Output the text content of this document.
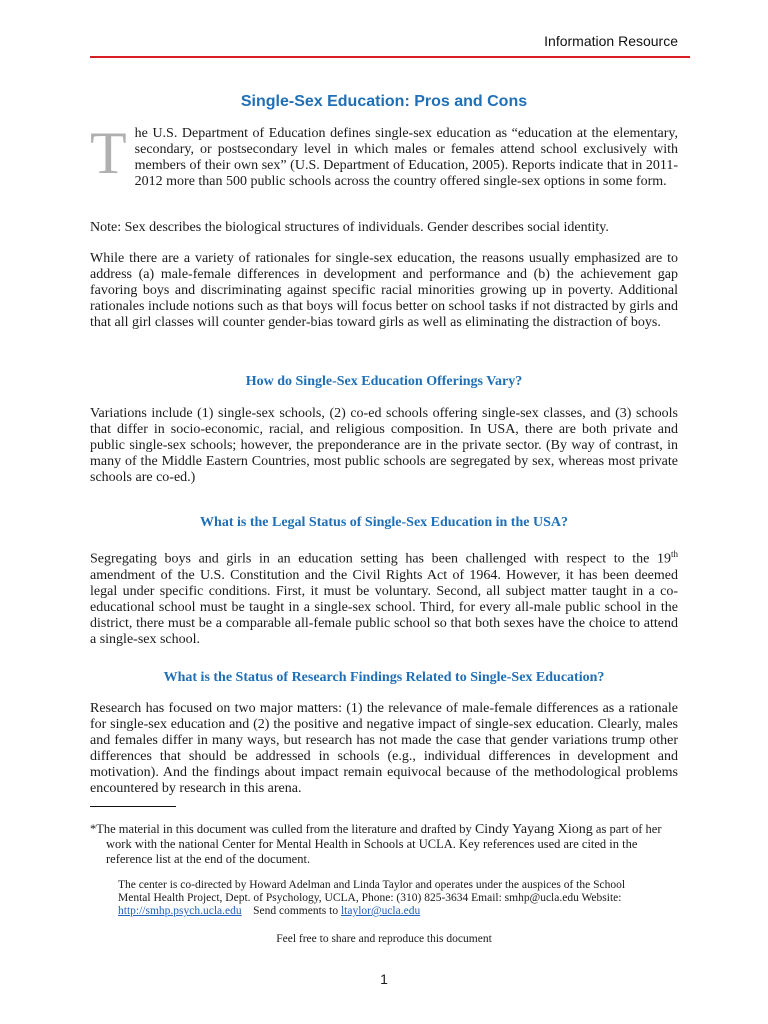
Information Resource
Single-Sex Education: Pros and Cons

The U.S. Department of Education defines single-sex education as “education at the elementary, secondary, or postsecondary level in which males or females attend school exclusively with members of their own sex” (U.S. Department of Education, 2005). Reports indicate that in 2011-2012 more than 500 public schools across the country offered single-sex options in some form.

Note: Sex describes the biological structures of individuals. Gender describes social identity.

While there are a variety of rationales for single-sex education, the reasons usually emphasized are to address (a) male-female differences in development and performance and (b) the achievement gap favoring boys and discriminating against specific racial minorities growing up in poverty. Additional rationales include notions such as that boys will focus better on school tasks if not distracted by girls and that all girl classes will counter gender-bias toward girls as well as eliminating the distraction of boys.

How do Single-Sex Education Offerings Vary?

Variations include (1) single-sex schools, (2) co-ed schools offering single-sex classes, and (3) schools that differ in socio-economic, racial, and religious composition. In USA, there are both private and public single-sex schools; however, the preponderance are in the private sector. (By way of contrast, in many of the Middle Eastern Countries, most public schools are segregated by sex, whereas most private schools are co-ed.)

What is the Legal Status of Single-Sex Education in the USA?

Segregating boys and girls in an education setting has been challenged with respect to the 19th amendment of the U.S. Constitution and the Civil Rights Act of 1964. However, it has been deemed legal under specific conditions. First, it must be voluntary. Second, all subject matter taught in a co-educational school must be taught in a single-sex school. Third, for every all-male public school in the district, there must be a comparable all-female public school so that both sexes have the choice to attend a single-sex school.

What is the Status of Research Findings Related to Single-Sex Education?

Research has focused on two major matters: (1) the relevance of male-female differences as a rationale for single-sex education and (2) the positive and negative impact of single-sex education. Clearly, males and females differ in many ways, but research has not made the case that gender variations trump other differences that should be addressed in schools (e.g., individual differences in development and motivation). And the findings about impact remain equivocal because of the methodological problems encountered by research in this arena.

*The material in this document was culled from the literature and drafted by Cindy Yayang Xiong as part of her work with the national Center for Mental Health in Schools at UCLA. Key references used are cited in the reference list at the end of the document.

The center is co-directed by Howard Adelman and Linda Taylor and operates under the auspices of the School Mental Health Project, Dept. of Psychology, UCLA, Phone: (310) 825-3634 Email: smhp@ucla.edu Website: http://smhp.psych.ucla.edu Send comments to ltaylor@ucla.edu

Feel free to share and reproduce this document
1
